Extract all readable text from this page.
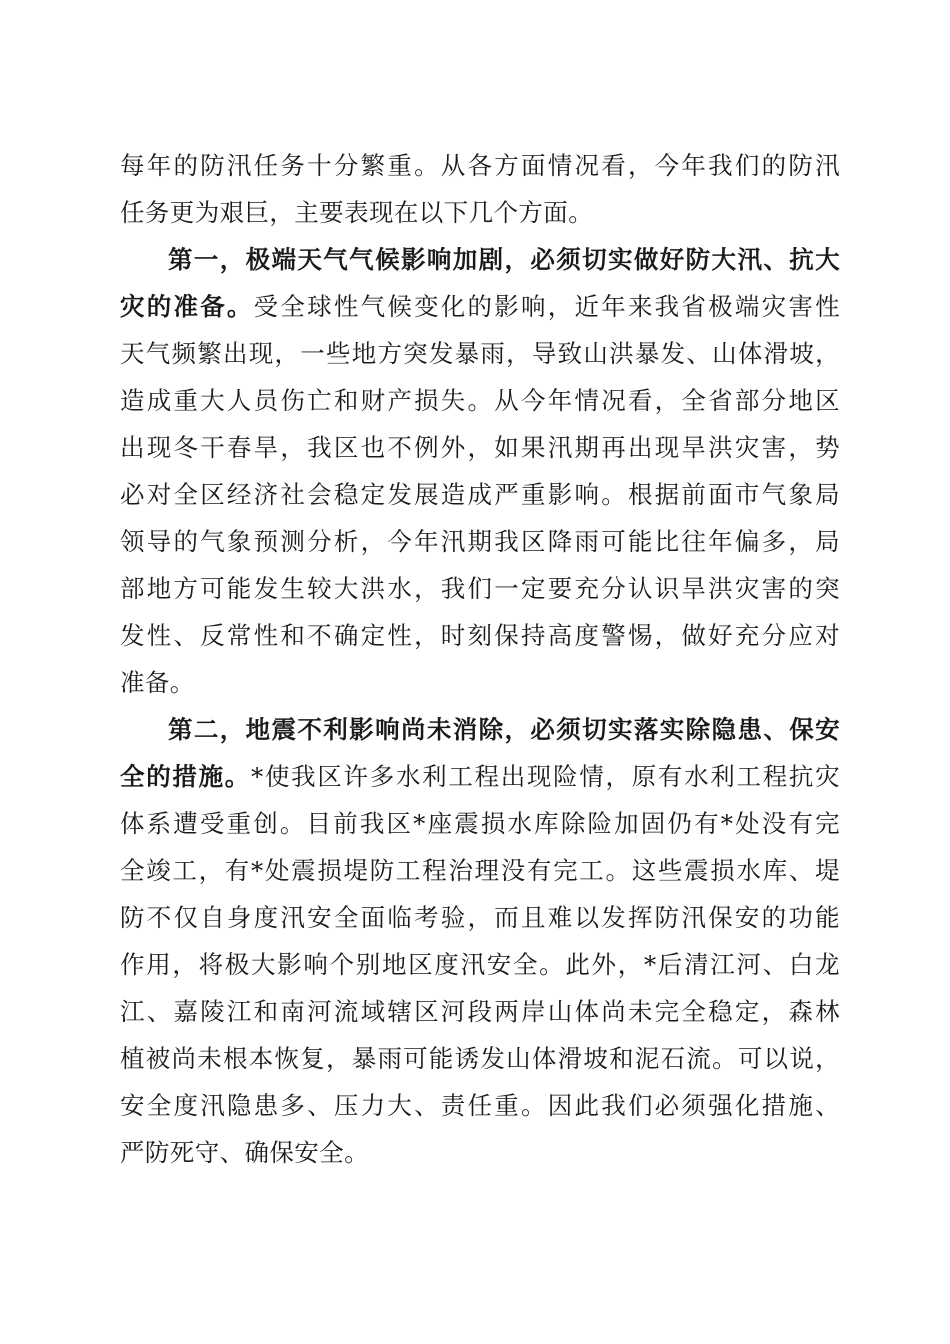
每年的防汛任务十分繁重。从各方面情况看，今年我们的防汛
任务更为艰巨，主要表现在以下几个方面。
第一，极端天气气候影响加剧，必须切实做好防大汛、抗大
灾的准备。受全球性气候变化的影响，近年来我省极端灾害性
天气频繁出现，一些地方突发暴雨，导致山洪暴发、山体滑坡，
造成重大人员伤亡和财产损失。从今年情况看，全省部分地区
出现冬干春旱，我区也不例外，如果汛期再出现旱洪灾害，势
必对全区经济社会稳定发展造成严重影响。根据前面市气象局
领导的气象预测分析，今年汛期我区降雨可能比往年偏多，局
部地方可能发生较大洪水，我们一定要充分认识旱洪灾害的突
发性、反常性和不确定性，时刻保持高度警惕，做好充分应对
准备。
第二，地震不利影响尚未消除，必须切实落实除隐患、保安
全的措施。*使我区许多水利工程出现险情，原有水利工程抗灾
体系遭受重创。目前我区*座震损水库除险加固仍有*处没有完
全竣工，有*处震损堤防工程治理没有完工。这些震损水库、堤
防不仅自身度汛安全面临考验，而且难以发挥防汛保安的功能
作用，将极大影响个别地区度汛安全。此外，*后清江河、白龙
江、嘉陵江和南河流域辖区河段两岸山体尚未完全稳定，森林
植被尚未根本恢复，暴雨可能诱发山体滑坡和泥石流。可以说，
安全度汛隐患多、压力大、责任重。因此我们必须强化措施、
严防死守、确保安全。
